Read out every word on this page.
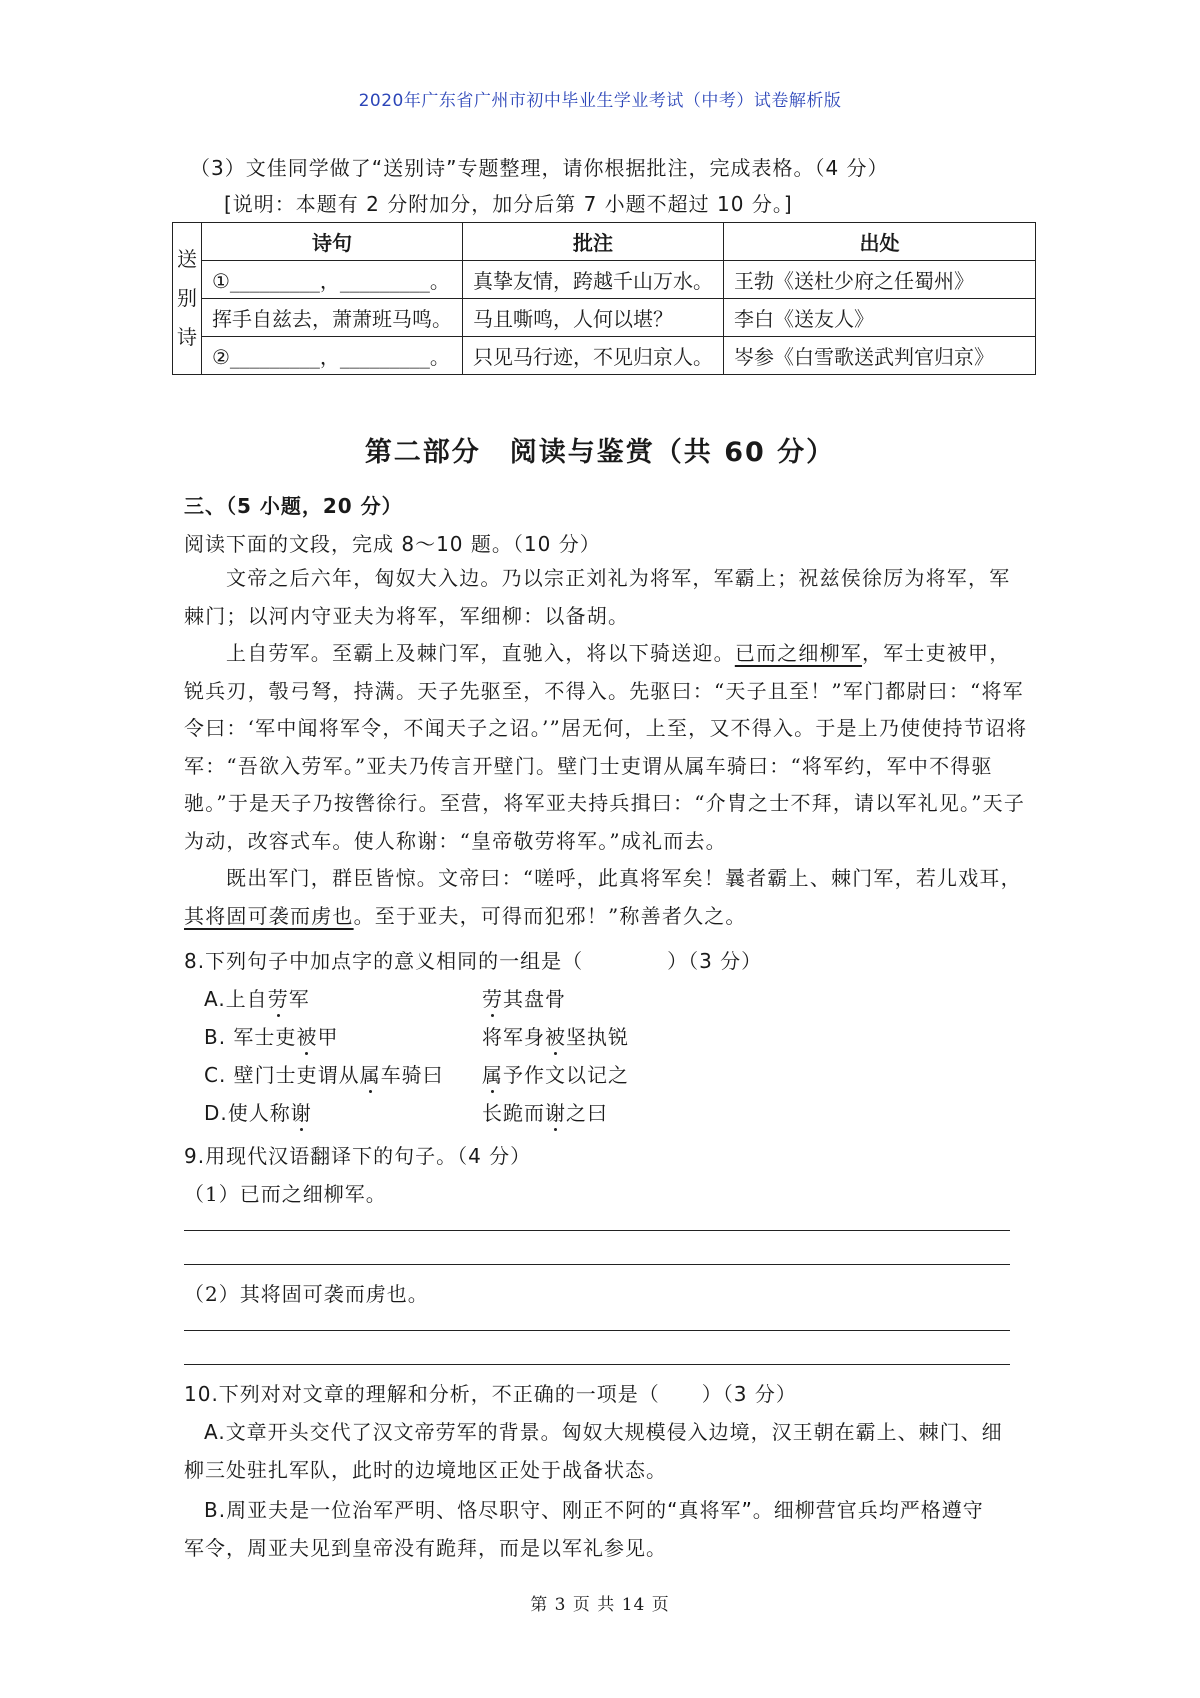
2020年广东省广州市初中毕业生学业考试（中考）试卷解析版
（3）文佳同学做了“送别诗”专题整理，请你根据批注，完成表格。（4 分）
[说明：本题有 2 分附加分，加分后第 7 小题不超过 10 分。]
送
别
诗	诗句	批注	出处
	①_________，_________。	真挚友情，跨越千山万水。	王勃《送杜少府之任蜀州》
	挥手自兹去，萧萧班马鸣。	马且嘶鸣，人何以堪？	李白《送友人》
	②_________，_________。	只见马行迹，不见归京人。	岑参《白雪歌送武判官归京》
第二部分　阅读与鉴赏（共 60 分）
三、（5 小题，20 分）
阅读下面的文段，完成 8～10 题。（10 分）

文帝之后六年，匈奴大入边。乃以宗正刘礼为将军，军霸上；祝兹侯徐厉为将军，军棘门；以河内守亚夫为将军，军细柳：以备胡。

上自劳军。至霸上及棘门军，直驰入，将以下骑送迎。已而之细柳军，军士吏被甲，锐兵刃，彀弓弩，持满。天子先驱至，不得入。先驱曰：“天子且至！”军门都尉曰：“将军令曰：‘军中闻将军令，不闻天子之诏。’”居无何，上至，又不得入。于是上乃使使持节诏将军：“吾欲入劳军。”亚夫乃传言开壁门。壁门士吏谓从属车骑曰：“将军约，军中不得驱驰。”于是天子乃按辔徐行。至营，将军亚夫持兵揖曰：“介胄之士不拜，请以军礼见。”天子为动，改容式车。使人称谢：“皇帝敬劳将军。”成礼而去。

既出军门，群臣皆惊。文帝曰：“嗟呼，此真将军矣！曩者霸上、棘门军，若儿戏耳，其将固可袭而虏也。至于亚夫，可得而犯邪！”称善者久之。

8.下列句子中加点字的意义相同的一组是（　　　　）（3 分）
A.上自劳军	劳其盘骨
B. 军士吏被甲	将军身被坚执锐
C. 壁门士吏谓从属车骑曰 属予作文以记之
D.使人称谢	长跪而谢之曰
9.用现代汉语翻译下的句子。（4 分）
（1）已而之细柳军。
（2）其将固可袭而虏也。
10.下列对对文章的理解和分析，不正确的一项是（　　）（3 分）
A.文章开头交代了汉文帝劳军的背景。匈奴大规模侵入边境，汉王朝在霸上、棘门、细
柳三处驻扎军队，此时的边境地区正处于战备状态。
B.周亚夫是一位治军严明、恪尽职守、刚正不阿的“真将军”。细柳营官兵均严格遵守
军令，周亚夫见到皇帝没有跪拜，而是以军礼参见。
第 3 页 共 14 页
